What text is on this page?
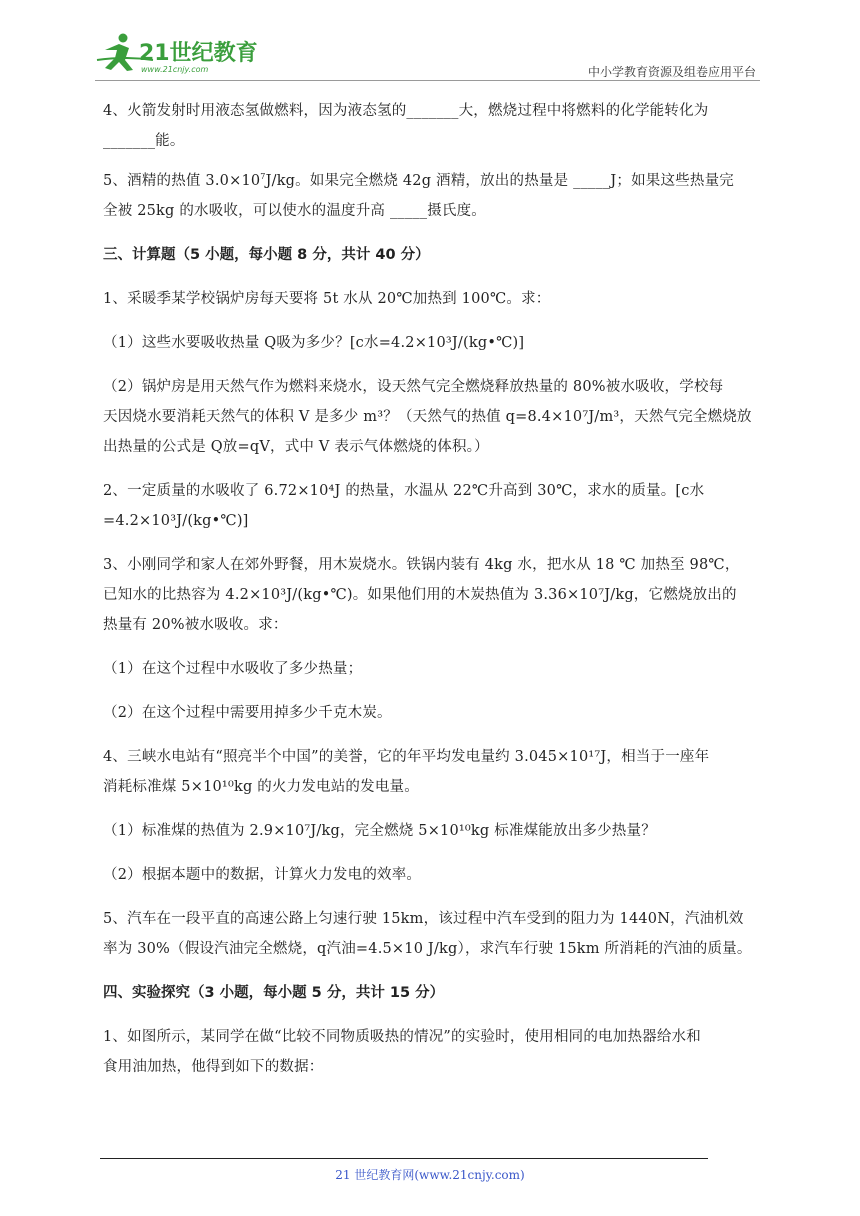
21世纪教育
www.21cnjy.com	中小学教育资源及组卷应用平台
4、火箭发射时用液态氢做燃料，因为液态氢的_______大，燃烧过程中将燃料的化学能转化为
_______能。
5、酒精的热值 $3.0\times 10^7J/kg$。如果完全燃烧 42g 酒精，放出的热量是 _____J；如果这些热量完
全被 25kg 的水吸收，可以使水的温度升高 _____摄氏度。
三、计算题（5 小题，每小题 8 分，共计 40 分）
1、采暖季某学校锅炉房每天要将 5t 水从 20℃加热到 100℃。求：
（1）这些水要吸收热量 Q吸为多少？[c水=4.2×10³J/(kg•℃)]
（2）锅炉房是用天然气作为燃料来烧水，设天然气完全燃烧释放热量的 80%被水吸收，学校每
天因烧水要消耗天然气的体积 V 是多少 m³？（天然气的热值 q=8.4×10⁷J/m³，天然气完全燃烧放
出热量的公式是 Q放=qV，式中 V 表示气体燃烧的体积。）
2、一定质量的水吸收了 6.72×10⁴J 的热量，水温从 22℃升高到 30℃，求水的质量。[c水
=4.2×10³J/(kg•℃)]
3、小刚同学和家人在郊外野餐，用木炭烧水。铁锅内装有 4kg 水，把水从 18 ℃ 加热至 98℃，
已知水的比热容为 4.2×10³J/(kg•℃)。如果他们用的木炭热值为 3.36×10⁷J/kg，它燃烧放出的
热量有 20%被水吸收。求：
（1）在这个过程中水吸收了多少热量；
（2）在这个过程中需要用掉多少千克木炭。
4、三峡水电站有“照亮半个中国”的美誉，它的年平均发电量约 3.045×10¹⁷J，相当于一座年
消耗标准煤 5×10¹⁰kg 的火力发电站的发电量。
（1）标准煤的热值为 2.9×10⁷J/kg，完全燃烧 5×10¹⁰kg 标准煤能放出多少热量？
（2）根据本题中的数据，计算火力发电的效率。
5、汽车在一段平直的高速公路上匀速行驶 15km，该过程中汽车受到的阻力为 1440N，汽油机效
率为 30%（假设汽油完全燃烧，q汽油=4.5×10 J/kg），求汽车行驶 15km 所消耗的汽油的质量。
四、实验探究（3 小题，每小题 5 分，共计 15 分）
1、如图所示，某同学在做“比较不同物质吸热的情况”的实验时，使用相同的电加热器给水和
食用油加热，他得到如下的数据：
21 世纪教育网(www.21cnjy.com)
